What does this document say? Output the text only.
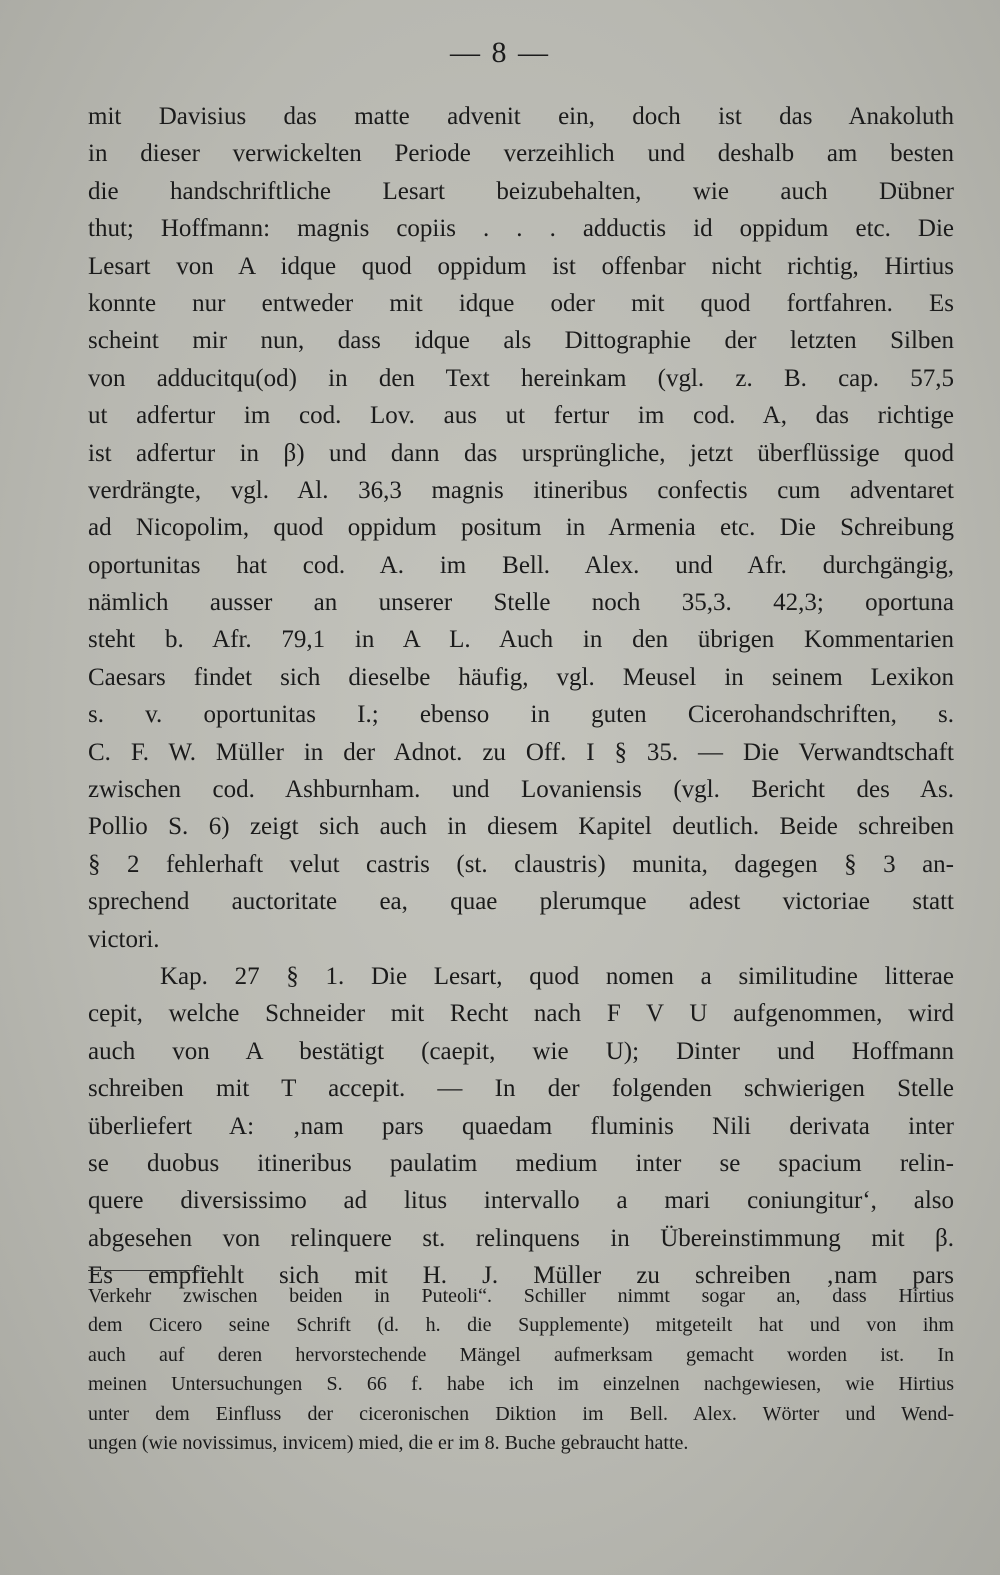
— 8 —
mit Davisius das matte advenit ein, doch ist das Anakoluth
in dieser verwickelten Periode verzeihlich und deshalb am besten
die handschriftliche Lesart beizubehalten, wie auch Dübner
thut; Hoffmann: magnis copiis . . . adductis id oppidum etc. Die
Lesart von A idque quod oppidum ist offenbar nicht richtig, Hirtius
konnte nur entweder mit idque oder mit quod fortfahren. Es
scheint mir nun, dass idque als Dittographie der letzten Silben
von adducitqu(od) in den Text hereinkam (vgl. z. B. cap. 57,5
ut adfertur im cod. Lov. aus ut fertur im cod. A, das richtige
ist adfertur in β) und dann das ursprüngliche, jetzt überflüssige quod
verdrängte, vgl. Al. 36,3 magnis itineribus confectis cum adventaret
ad Nicopolim, quod oppidum positum in Armenia etc. Die Schreibung
oportunitas hat cod. A. im Bell. Alex. und Afr. durchgängig,
nämlich ausser an unserer Stelle noch 35,3. 42,3; oportuna
steht b. Afr. 79,1 in A L. Auch in den übrigen Kommentarien
Caesars findet sich dieselbe häufig, vgl. Meusel in seinem Lexikon
s. v. oportunitas I.; ebenso in guten Cicerohandschriften, s.
C. F. W. Müller in der Adnot. zu Off. I § 35. — Die Verwandtschaft
zwischen cod. Ashburnham. und Lovaniensis (vgl. Bericht des As.
Pollio S. 6) zeigt sich auch in diesem Kapitel deutlich. Beide schreiben
§ 2 fehlerhaft velut castris (st. claustris) munita, dagegen § 3 an-
sprechend auctoritate ea, quae plerumque adest victoriae statt
victori.
Kap. 27 § 1. Die Lesart, quod nomen a similitudine litterae
cepit, welche Schneider mit Recht nach F V U aufgenommen, wird
auch von A bestätigt (caepit, wie U); Dinter und Hoffmann
schreiben mit T accepit. — In der folgenden schwierigen Stelle
überliefert A: ‚nam pars quaedam fluminis Nili derivata inter
se duobus itineribus paulatim medium inter se spacium relin-
quere diversissimo ad litus intervallo a mari coniungitur‘, also
abgesehen von relinquere st. relinquens in Übereinstimmung mit β.
Es empfiehlt sich mit H. J. Müller zu schreiben ‚nam pars
Verkehr zwischen beiden in Puteoli“. Schiller nimmt sogar an, dass Hirtius
dem Cicero seine Schrift (d. h. die Supplemente) mitgeteilt hat und von ihm
auch auf deren hervorstechende Mängel aufmerksam gemacht worden ist. In
meinen Untersuchungen S. 66 f. habe ich im einzelnen nachgewiesen, wie Hirtius
unter dem Einfluss der ciceronischen Diktion im Bell. Alex. Wörter und Wend-
ungen (wie novissimus, invicem) mied, die er im 8. Buche gebraucht hatte.
